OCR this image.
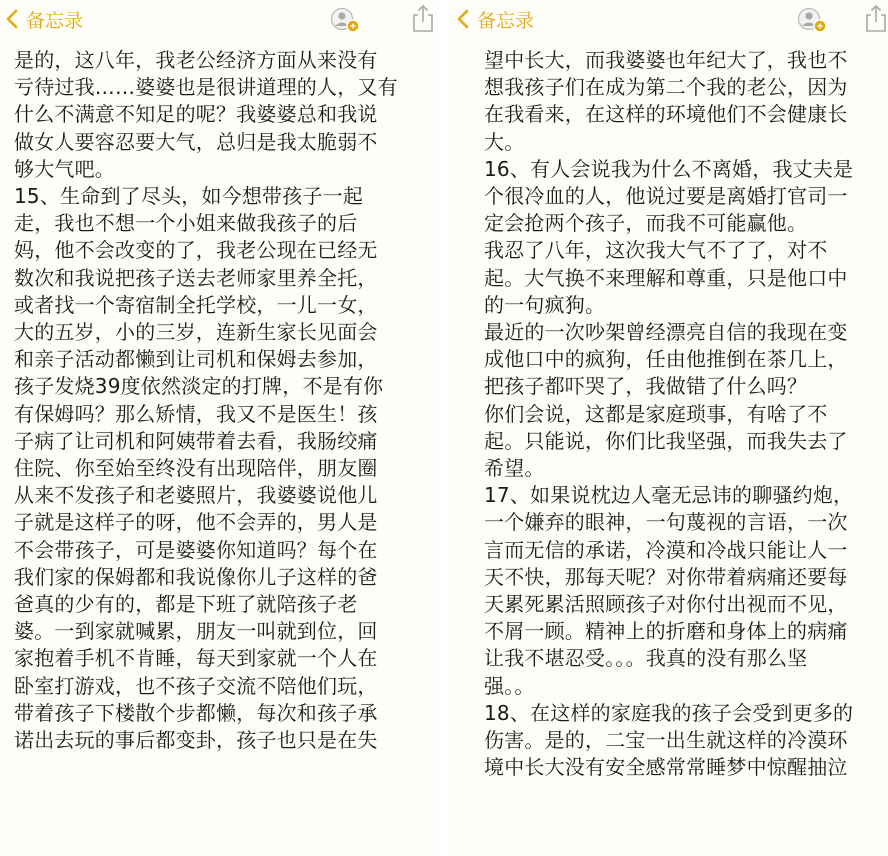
备忘录
是的，这八年，我老公经济方面从来没有
亏待过我……婆婆也是很讲道理的人，又有
什么不满意不知足的呢？我婆婆总和我说
做女人要容忍要大气，总归是我太脆弱不
够大气吧。
15、生命到了尽头，如今想带孩子一起
走，我也不想一个小姐来做我孩子的后
妈，他不会改变的了，我老公现在已经无
数次和我说把孩子送去老师家里养全托，
或者找一个寄宿制全托学校，一儿一女，
大的五岁，小的三岁，连新生家长见面会
和亲子活动都懒到让司机和保姆去参加，
孩子发烧39度依然淡定的打牌，不是有你
有保姆吗？那么矫情，我又不是医生！孩
子病了让司机和阿姨带着去看，我肠绞痛
住院、你至始至终没有出现陪伴，朋友圈
从来不发孩子和老婆照片，我婆婆说他儿
子就是这样子的呀，他不会弄的，男人是
不会带孩子，可是婆婆你知道吗？每个在
我们家的保姆都和我说像你儿子这样的爸
爸真的少有的，都是下班了就陪孩子老
婆。一到家就喊累，朋友一叫就到位，回
家抱着手机不肯睡，每天到家就一个人在
卧室打游戏，也不孩子交流不陪他们玩，
带着孩子下楼散个步都懒，每次和孩子承
诺出去玩的事后都变卦，孩子也只是在失
备忘录
望中长大，而我婆婆也年纪大了，我也不
想我孩子们在成为第二个我的老公，因为
在我看来，在这样的环境他们不会健康长
大。
16、有人会说我为什么不离婚，我丈夫是
个很冷血的人，他说过要是离婚打官司一
定会抢两个孩子，而我不可能赢他。
我忍了八年，这次我大气不了了，对不
起。大气换不来理解和尊重，只是他口中
的一句疯狗。
最近的一次吵架曾经漂亮自信的我现在变
成他口中的疯狗，任由他推倒在茶几上，
把孩子都吓哭了，我做错了什么吗？
你们会说，这都是家庭琐事，有啥了不
起。只能说，你们比我坚强，而我失去了
希望。
17、如果说枕边人毫无忌讳的聊骚约炮，
一个嫌弃的眼神，一句蔑视的言语，一次
言而无信的承诺，冷漠和冷战只能让人一
天不快，那每天呢？对你带着病痛还要每
天累死累活照顾孩子对你付出视而不见，
不屑一顾。精神上的折磨和身体上的病痛
让我不堪忍受。。。我真的没有那么坚
强。。
18、在这样的家庭我的孩子会受到更多的
伤害。是的，二宝一出生就这样的冷漠环
境中长大没有安全感常常睡梦中惊醒抽泣
